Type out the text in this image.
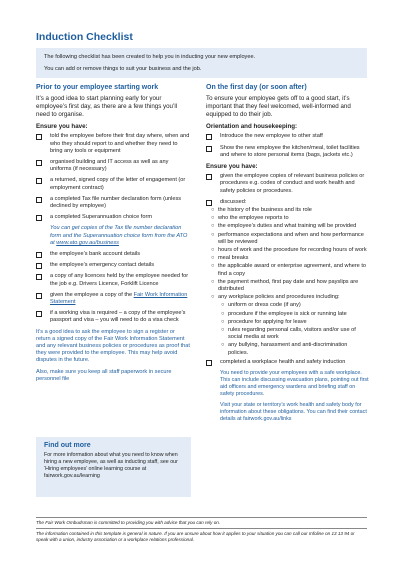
Induction Checklist
The following checklist has been created to help you in inducting your new employee.
You can add or remove things to suit your business and the job.
Prior to your employee starting work

It’s a good idea to start planning early for your employee’s first day, as there are a few things you’ll need to organise.

Ensure you have:
told the employee before their first day where, when and who they should report to and whether they need to bring any tools or equipment
organised building and IT access as well as any uniforms (if necessary)
a returned, signed copy of the letter of engagement (or employment contract)
a completed Tax file number declaration form (unless declined by employee)
a completed Superannuation choice form
You can get copies of the Tax file number declaration form and the Superannuation choice form from the ATO at www.ato.gov.au/business
the employee’s bank account details
the employee’s emergency contact details
a copy of any licences held by the employee needed for the job e.g. Drivers Licence, Forklift Licence
given the employee a copy of the Fair Work Information Statement
if a working visa is required – a copy of the employee’s passport and visa – you will need to do a visa check

It’s a good idea to ask the employee to sign a register or return a signed copy of the Fair Work Information Statement and any relevant business policies or procedures as proof that they were provided to the employee. This may help avoid disputes in the future.

Also, make sure you keep all staff paperwork in secure personnel file

Find out more
For more information about what you need to know when hiring a new employee, as well as inducting staff, see our ‘Hiring employees’ online learning course at fairwork.gov.au/learning
On the first day (or soon after)

To ensure your employee gets off to a good start, it’s important that they feel welcomed, well-informed and equipped to do their job.

Orientation and housekeeping:
Introduce the new employee to other staff
Show the new employee the kitchen/meal, toilet facilities and where to store personal items (bags, jackets etc.)
Ensure you have:
given the employee copies of relevant business policies or procedures e.g. codes of conduct and work health and safety policies or procedures.
discussed:
○ the history of the business and its role
○ who the employee reports to
○ the employee’s duties and what training will be provided
○ performance expectations and when and how performance will be reviewed
○ hours of work and the procedure for recording hours of work
○ meal breaks
○ the applicable award or enterprise agreement, and where to find a copy
○ the payment method, first pay date and how payslips are distributed
○ any workplace policies and procedures including:
○ uniform or dress code (if any)
○ procedure if the employee is sick or running late
○ procedure for applying for leave
○ rules regarding personal calls, visitors and/or use of social media at work
○ any bullying, harassment and anti-discrimination policies.
completed a workplace health and safety induction
You need to provide your employees with a safe workplace. This can include discussing evacuation plans, pointing out first aid officers and emergency wardens and briefing staff on safety procedures.
Visit your state or territory’s work health and safety body for information about these obligations. You can find their contact details at fairwork.gov.au/links
The Fair Work Ombudsman is committed to providing you with advice that you can rely on.
The information contained in this template is general in nature. If you are unsure about how it applies to your situation you can call our Infoline on 13 13 94 or speak with a union, industry association or a workplace relations professional.
